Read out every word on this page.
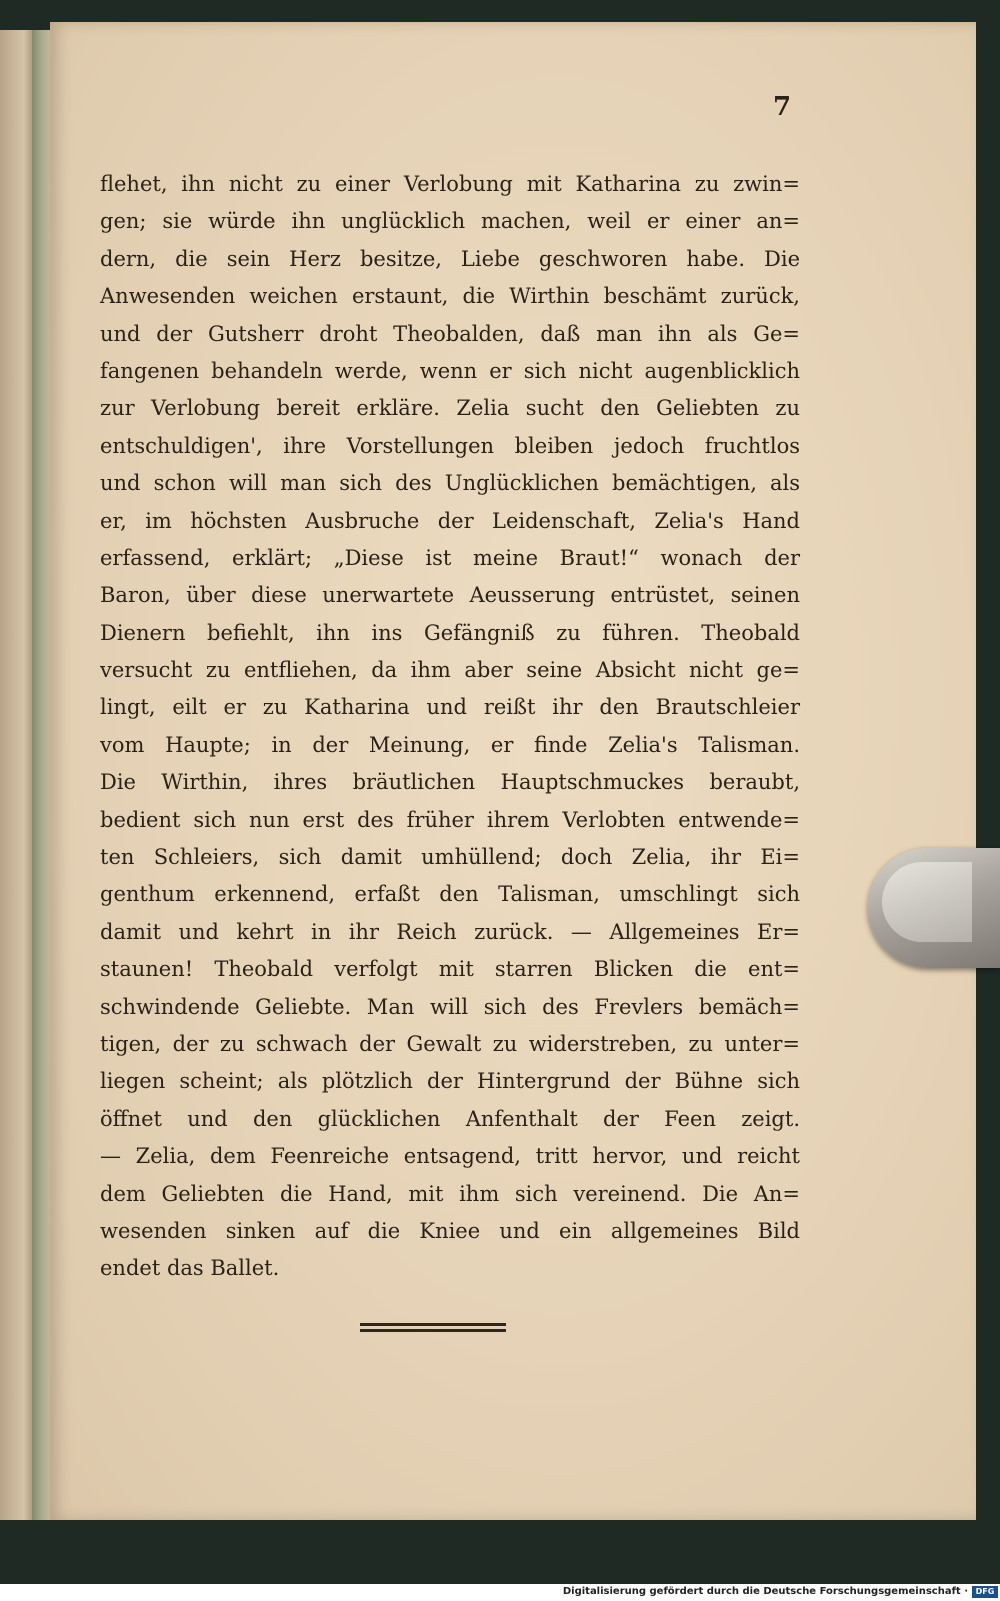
7
flehet, ihn nicht zu einer Verlobung mit Katharina zu zwin=
gen; sie würde ihn unglücklich machen, weil er einer an=
dern, die sein Herz besitze, Liebe geschworen habe. Die
Anwesenden weichen erstaunt, die Wirthin beschämt zurück,
und der Gutsherr droht Theobalden, daß man ihn als Ge=
fangenen behandeln werde, wenn er sich nicht augenblicklich
zur Verlobung bereit erkläre. Zelia sucht den Geliebten zu
entschuldigen', ihre Vorstellungen bleiben jedoch fruchtlos
und schon will man sich des Unglücklichen bemächtigen, als
er, im höchsten Ausbruche der Leidenschaft, Zelia's Hand
erfassend, erklärt; „Diese ist meine Braut!“ wonach der
Baron, über diese unerwartete Aeusserung entrüstet, seinen
Dienern befiehlt, ihn ins Gefängniß zu führen. Theobald
versucht zu entfliehen, da ihm aber seine Absicht nicht ge=
lingt, eilt er zu Katharina und reißt ihr den Brautschleier
vom Haupte; in der Meinung, er finde Zelia's Talisman.
Die Wirthin, ihres bräutlichen Hauptschmuckes beraubt,
bedient sich nun erst des früher ihrem Verlobten entwende=
ten Schleiers, sich damit umhüllend; doch Zelia, ihr Ei=
genthum erkennend, erfaßt den Talisman, umschlingt sich
damit und kehrt in ihr Reich zurück. — Allgemeines Er=
staunen! Theobald verfolgt mit starren Blicken die ent=
schwindende Geliebte. Man will sich des Frevlers bemäch=
tigen, der zu schwach der Gewalt zu widerstreben, zu unter=
liegen scheint; als plötzlich der Hintergrund der Bühne sich
öffnet und den glücklichen Anfenthalt der Feen zeigt.
— Zelia, dem Feenreiche entsagend, tritt hervor, und reicht
dem Geliebten die Hand, mit ihm sich vereinend. Die An=
wesenden sinken auf die Kniee und ein allgemeines Bild
endet das Ballet.
Digitalisierung gefördert durch die Deutsche Forschungsgemeinschaft · DFG
